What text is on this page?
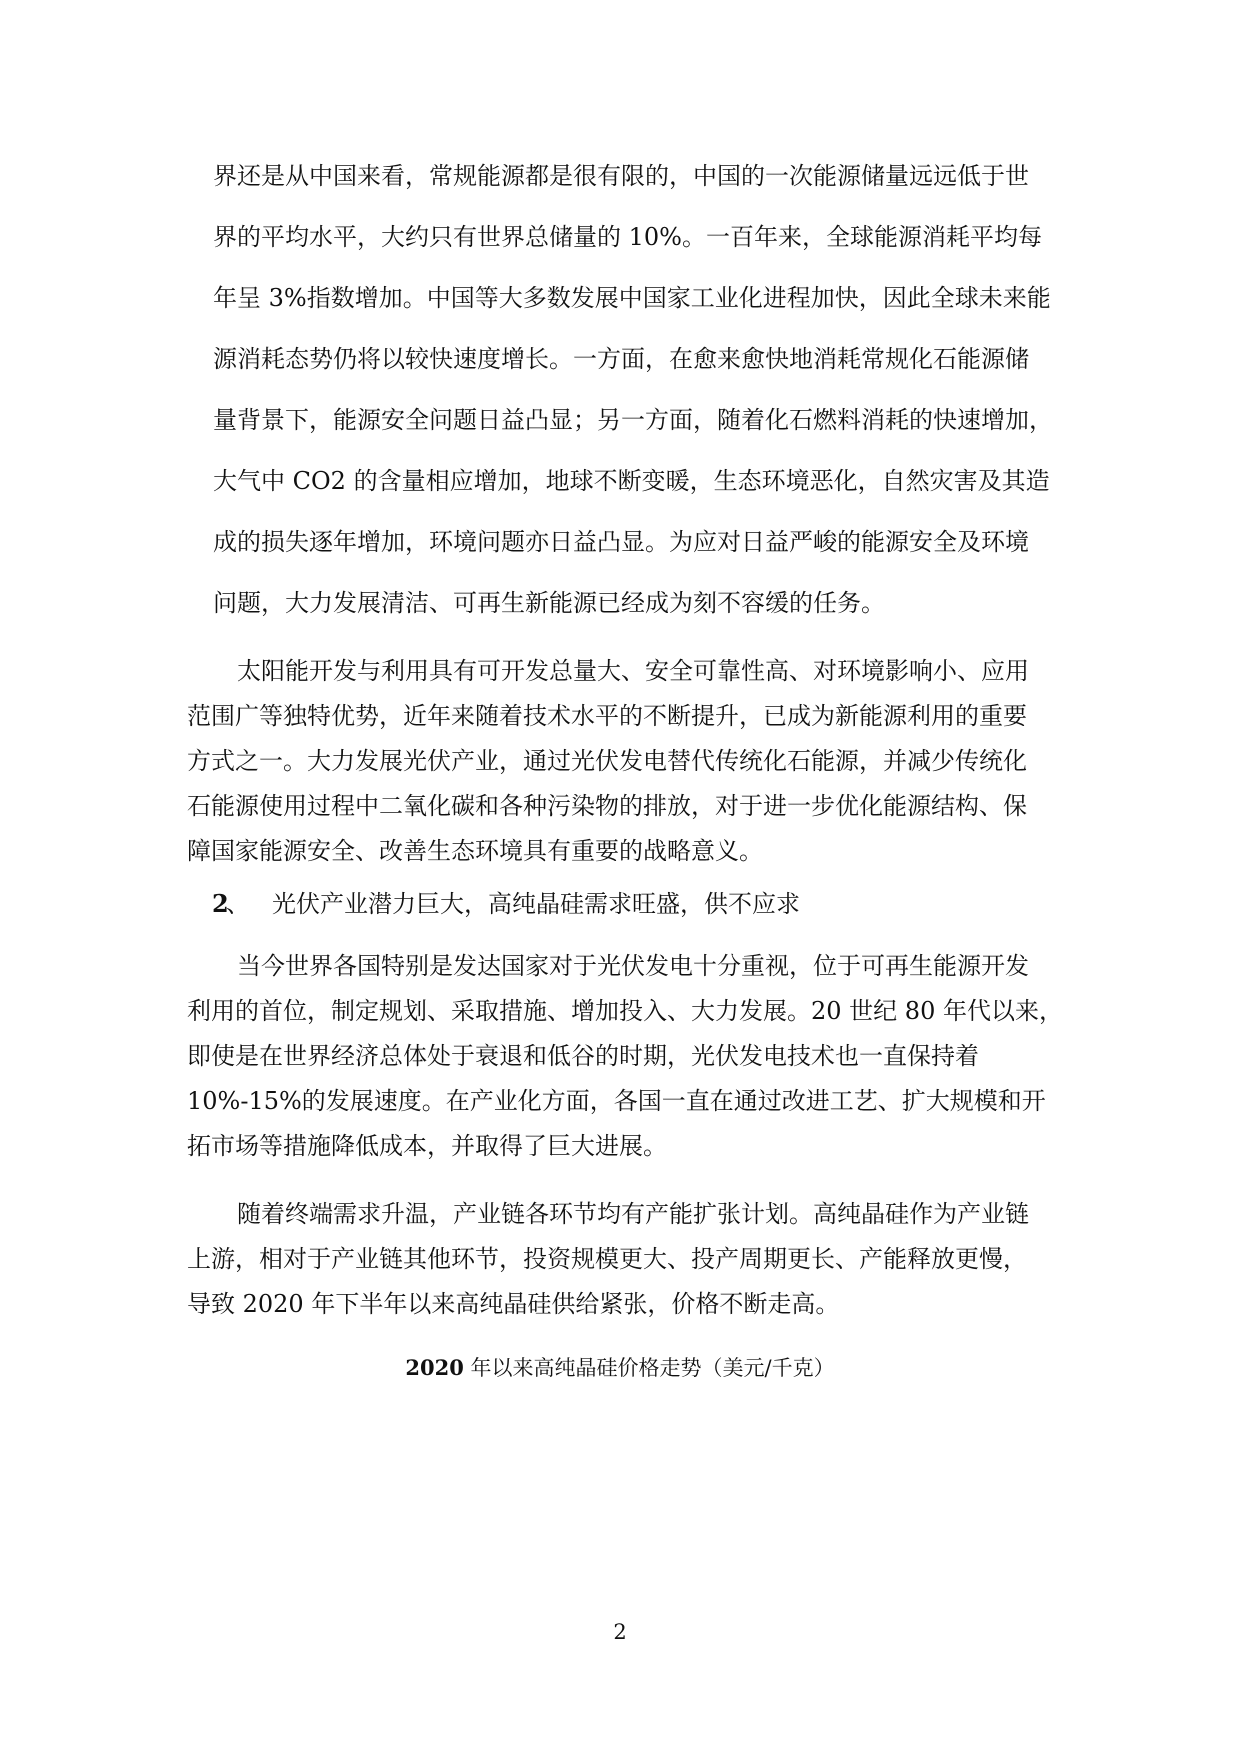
界还是从中国来看，常规能源都是很有限的，中国的一次能源储量远远低于世

界的平均水平，大约只有世界总储量的 10%。一百年来，全球能源消耗平均每

年呈 3%指数增加。中国等大多数发展中国家工业化进程加快，因此全球未来能

源消耗态势仍将以较快速度增长。一方面，在愈来愈快地消耗常规化石能源储

量背景下，能源安全问题日益凸显；另一方面，随着化石燃料消耗的快速增加，

大气中 CO2 的含量相应增加，地球不断变暖，生态环境恶化，自然灾害及其造

成的损失逐年增加，环境问题亦日益凸显。为应对日益严峻的能源安全及环境

问题，大力发展清洁、可再生新能源已经成为刻不容缓的任务。

太阳能开发与利用具有可开发总量大、安全可靠性高、对环境影响小、应用

范围广等独特优势，近年来随着技术水平的不断提升，已成为新能源利用的重要

方式之一。大力发展光伏产业，通过光伏发电替代传统化石能源，并减少传统化

石能源使用过程中二氧化碳和各种污染物的排放，对于进一步优化能源结构、保

障国家能源安全、改善生态环境具有重要的战略意义。

2
、 光伏产业潜力巨大，高纯晶硅需求旺盛，供不应求

当今世界各国特别是发达国家对于光伏发电十分重视，位于可再生能源开发

利用的首位，制定规划、采取措施、增加投入、大力发展。20 世纪 80 年代以来，

即使是在世界经济总体处于衰退和低谷的时期，光伏发电技术也一直保持着

10%-15%的发展速度。在产业化方面，各国一直在通过改进工艺、扩大规模和开

拓市场等措施降低成本，并取得了巨大进展。

随着终端需求升温，产业链各环节均有产能扩张计划。高纯晶硅作为产业链

上游，相对于产业链其他环节，投资规模更大、投产周期更长、产能释放更慢，

导致 2020 年下半年以来高纯晶硅供给紧张，价格不断走高。

2020 年以来高纯晶硅价格走势（美元/千克）
2
